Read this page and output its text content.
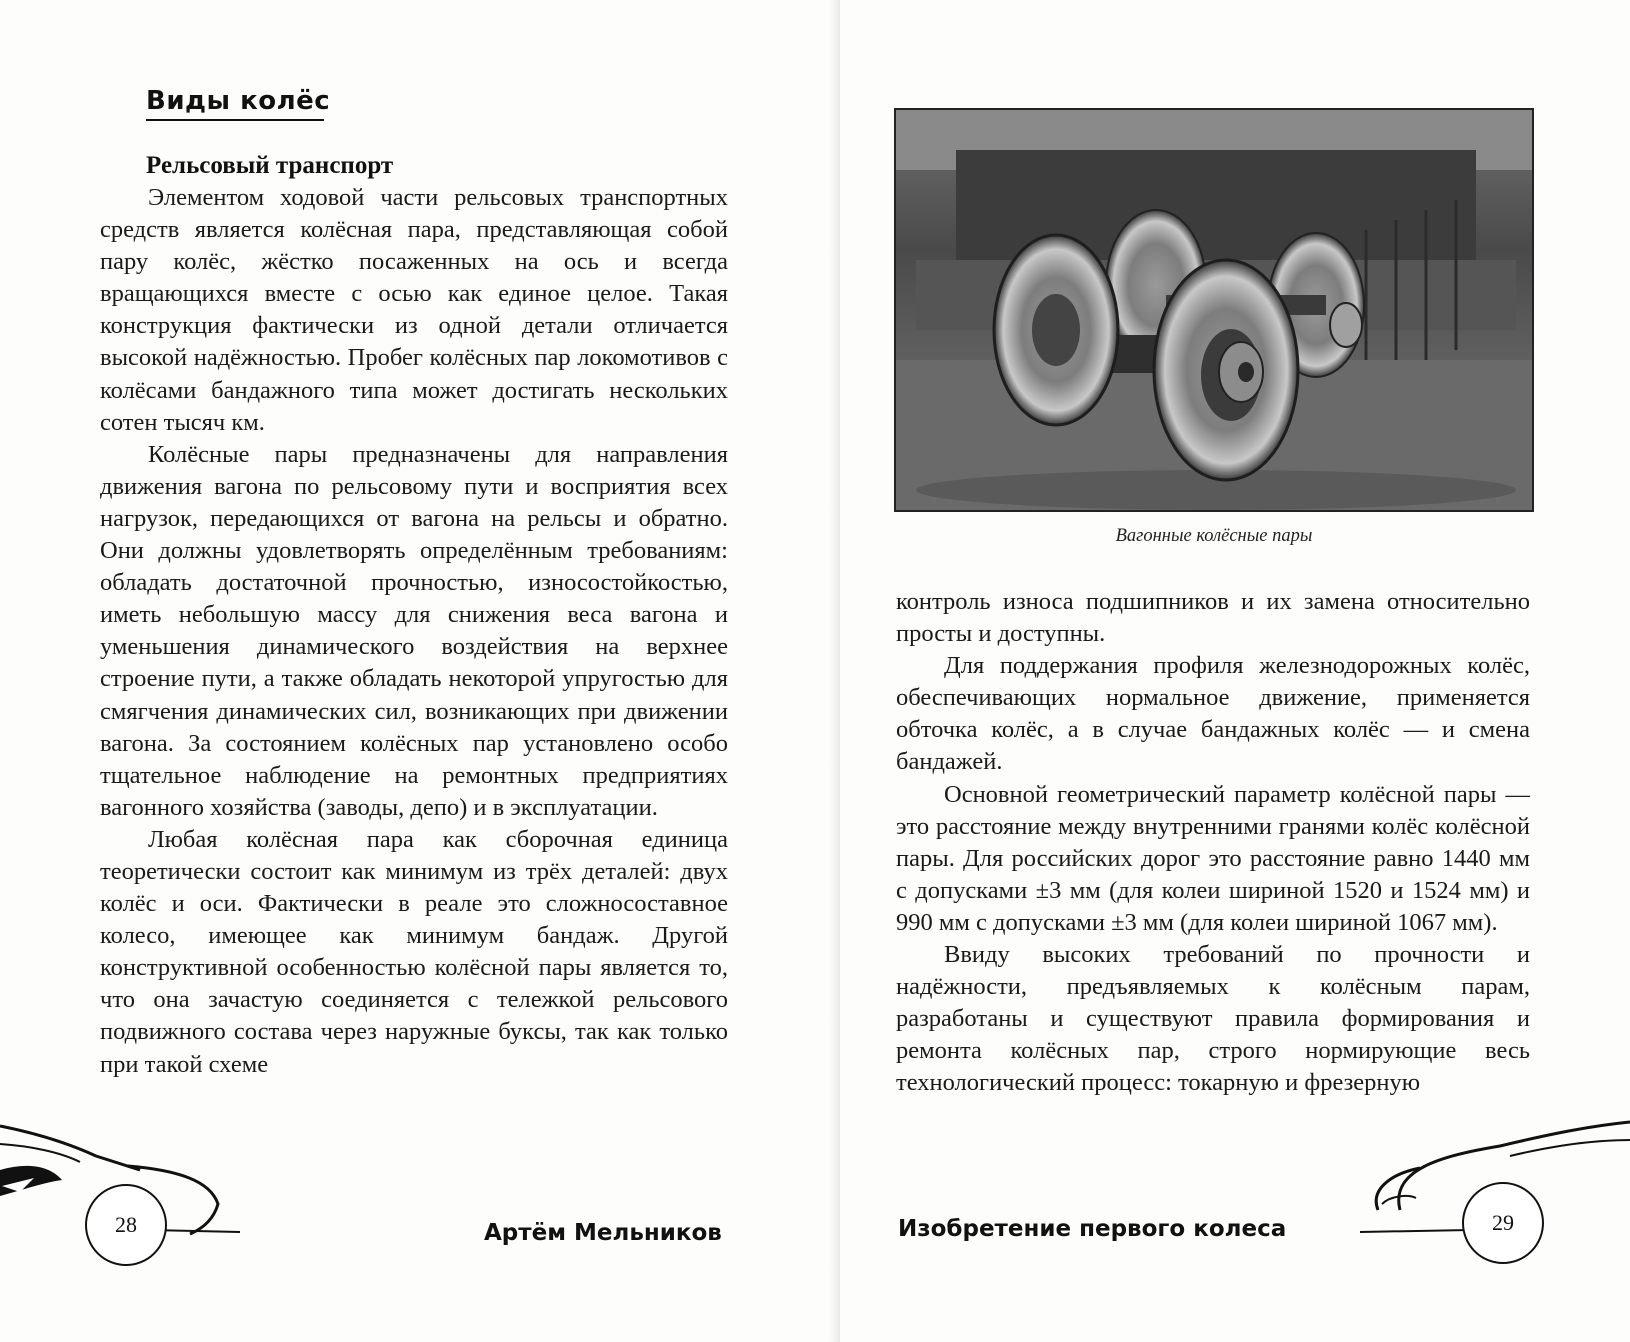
Виды колёс
Рельсовый транспорт

Элементом ходовой части рельсовых транспортных средств является колёсная пара, представляющая собой пару колёс, жёстко посаженных на ось и всегда вращающихся вместе с осью как единое целое. Такая конструкция фактически из одной детали отличается высокой надёжностью. Пробег колёсных пар локомотивов с колёсами бандажного типа может достигать нескольких сотен тысяч км.

Колёсные пары предназначены для направления движения вагона по рельсовому пути и восприятия всех нагрузок, передающихся от вагона на рельсы и обратно. Они должны удовлетворять определённым требованиям: обладать достаточной прочностью, износостойкостью, иметь небольшую массу для снижения веса вагона и уменьшения динамического воздействия на верхнее строение пути, а также обладать некоторой упругостью для смягчения динамических сил, возникающих при движении вагона. За состоянием колёсных пар установлено особо тщательное наблюдение на ремонтных предприятиях вагонного хозяйства (заводы, депо) и в эксплуатации.

Любая колёсная пара как сборочная единица теоретически состоит как минимум из трёх деталей: двух колёс и оси. Фактически в реале это сложносоставное колесо, имеющее как минимум бандаж. Другой конструктивной особенностью колёсной пары является то, что она зачастую соединяется с тележкой рельсового подвижного состава через наружные буксы, так как только при такой схеме

28	Артём Мельников
Вагонные колёсные пары

контроль износа подшипников и их замена относительно просты и доступны.

Для поддержания профиля железнодорожных колёс, обеспечивающих нормальное движение, применяется обточка колёс, а в случае бандажных колёс — и смена бандажей.

Основной геометрический параметр колёсной пары — это расстояние между внутренними гранями колёс колёсной пары. Для российских дорог это расстояние равно 1440 мм с допусками ±3 мм (для колеи шириной 1520 и 1524 мм) и 990 мм с допусками ±3 мм (для колеи шириной 1067 мм).

Ввиду высоких требований по прочности и надёжности, предъявляемых к колёсным парам, разработаны и существуют правила формирования и ремонта колёсных пар, строго нормирующие весь технологический процесс: токарную и фрезерную

29
Изобретение первого колеса
